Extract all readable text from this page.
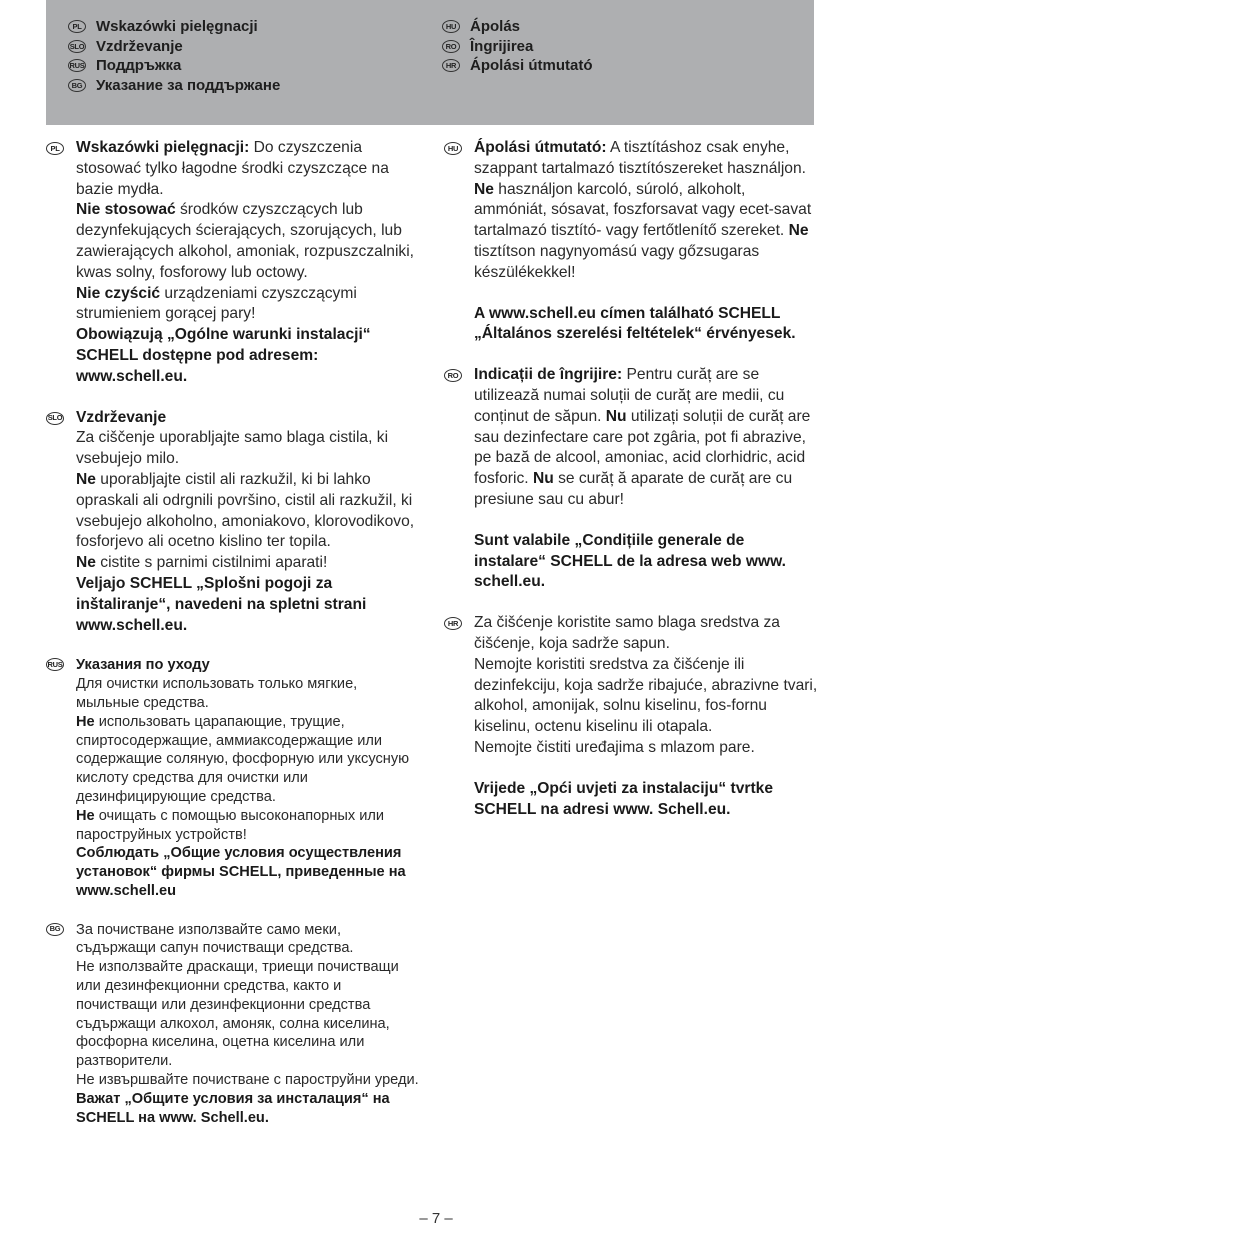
PL Wskazówki pielęgnacji
SLO Vzdrževanje
RUS Поддръжка
BG Указание за поддържане
HU Ápolás
RO Îngrijirea
HR Ápolási útmutató
PL Wskazówki pielęgnacji: Do czyszczenia stosować tylko łagodne środki czyszczące na bazie mydła.

Nie stosować środków czyszczących lub dezynfekujących ścierających, szorujących, lub zawierających alkohol, amoniak, rozpuszczalniki, kwas solny, fosforowy lub octowy.

Nie czyścić urządzeniami czyszczącymi strumieniem gorącej pary!

Obowiązują „Ogólne warunki instalacji“ SCHELL dostępne pod adresem: www.schell.eu.

SLO Vzdrževanje

Za ciščenje uporabljajte samo blaga cistila, ki vsebujejo milo.

Ne uporabljajte cistil ali razkužil, ki bi lahko opraskali ali odrgnili površino, cistil ali razkužil, ki vsebujejo alkoholno, amoniakovo, klorovodikovo, fosforjevo ali ocetno kislino ter topila.

Ne cistite s parnimi cistilnimi aparati!

Veljajo SCHELL „Splošni pogoji za inštaliranje“, navedeni na spletni strani www.schell.eu.

RUS Указания по уходу

Для очистки использовать только мягкие, мыльные средства.

Не использовать царапающие, трущие, спиртосодержащие, аммиаксодержащие или содержащие соляную, фосфорную или уксусную кислоту средства для очистки или дезинфицирующие средства.

Не очищать с помощью высоконапорных или пароструйных устройств!

Соблюдать „Общие условия осуществления установок“ фирмы SCHELL, приведенные на www.schell.eu

BG За почистване използвайте само меки, съдържащи сапун почистващи средства.

Не използвайте драскащи, триещи почистващи или дезинфекционни средства, както и почистващи или дезинфекционни средства съдържащи алкохол, амоняк, солна киселина, фосфорна киселина, оцетна киселина или разтворители.

Не извършвайте почистване с пароструйни уреди.

Важат „Общите условия за инсталация“ на SCHELL на www. Schell.eu.

HU Ápolási útmutató: A tisztításhoz csak enyhe, szappant tartalmazó tisztítószereket használjon.

Ne használjon karcoló, súroló, alkoholt, ammóniát, sósavat, foszforsavat vagy ecet-savat tartalmazó tisztító- vagy fertőtlenítő szereket. Ne tisztítson nagynyomású vagy gőzsugaras készülékekkel!

A www.schell.eu címen található SCHELL „Általános szerelési feltételek“ érvényesek.

RO Indicații de îngrijire: Pentru curăț are se utilizează numai soluții de curăț are medii, cu conținut de săpun. Nu utilizați soluții de curăț are sau dezinfectare care pot zgâria, pot fi abrazive, pe bază de alcool, amoniac, acid clorhidric, acid fosforic. Nu se curăț ă aparate de curăț are cu presiune sau cu abur!

Sunt valabile „Condițiile generale de instalare“ SCHELL de la adresa web www. schell.eu.

HR Za čišćenje koristite samo blaga sredstva za čišćenje, koja sadrže sapun.

Nemojte koristiti sredstva za čišćenje ili dezinfekciju, koja sadrže ribajuće, abrazivne tvari, alkohol, amonijak, solnu kiselinu, fos-fornu kiselinu, octenu kiselinu ili otapala.

Nemojte čistiti uređajima s mlazom pare.

Vrijede „Opći uvjeti za instalaciju“ tvrtke SCHELL na adresi www. Schell.eu.

– 7 –
